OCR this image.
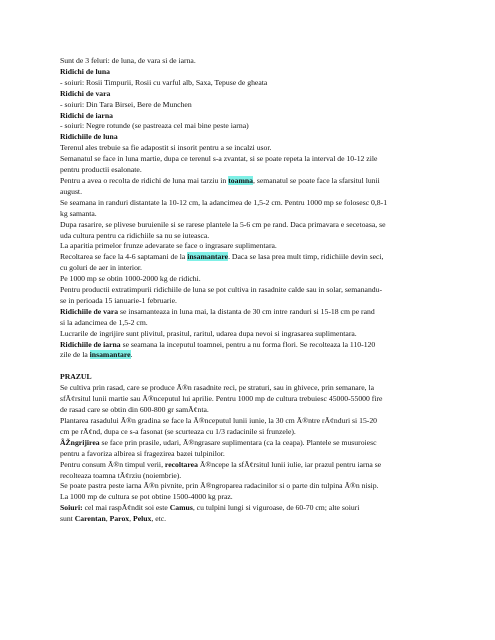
Sunt de 3 feluri: de luna, de vara si de iarna.

Ridichi de luna

- soiuri: Rosii Timpurii, Rosii cu varful alb, Saxa, Tepuse de gheata

Ridichi de vara

- soiuri: Din Tara Birsei, Bere de Munchen

Ridichi de iarna

- soiuri: Negre rotunde (se pastreaza cel mai bine peste iarna)

Ridichiile de luna

Terenul ales trebuie sa fie adapostit si insorit pentru a se incalzi usor.

Semanatul se face in luna martie, dupa ce terenul s-a zvantat, si se poate repeta la interval de 10-12 zile

pentru productii esalonate.

Pentru a avea o recolta de ridichi de luna mai tarziu in toamna, semanatul se poate face la sfarsitul lunii

august.

Se seamana in randuri distantate la 10-12 cm, la adancimea de 1,5-2 cm. Pentru 1000 mp se folosesc 0,8-1

kg samanta.

Dupa rasarire, se plivese buruienile si se rarese plantele la 5-6 cm pe rand. Daca primavara e secetoasa, se

uda cultura pentru ca ridichiile sa nu se iuteasca.

La aparitia primelor frunze adevarate se face o ingrasare suplimentara.

Recoltarea se face la 4-6 saptamani de la insamantare. Daca se lasa prea mult timp, ridichiile devin seci,

cu goluri de aer in interior.

Pe 1000 mp se obtin 1000-2000 kg de ridichi.

Pentru productii extratimpurii ridichiile de luna se pot cultiva in rasadnite calde sau in solar, semanandu-

se in perioada 15 ianuarie-1 februarie.

Ridichiile de vara se insamanteaza in luna mai, la distanta de 30 cm intre randuri si 15-18 cm pe rand

si la adancimea de 1,5-2 cm.

Lucrarile de ingrijire sunt plivitul, prasitul, raritul, udarea dupa nevoi si ingrasarea suplimentara.

Ridichiile de iarna se seamana la inceputul toamnei, pentru a nu forma flori. Se recolteaza la 110-120

zile de la insamantare.

PRAZUL

Se cultiva prin rasad, care se produce Ã®n rasadnite reci, pe straturi, sau in ghivece, prin semanare, la

sfÃ¢rsitul lunii martie sau Ã®nceputul lui aprilie. Pentru 1000 mp de cultura trebuiesc 45000-55000 fire

de rasad care se obtin din 600-800 gr samÃ¢nta.

Plantarea rasadului Ã®n gradina se face la Ã®nceputul lunii iunie, la 30 cm Ã®ntre rÃ¢nduri si 15-20

cm pe rÃ¢nd, dupa ce s-a fasonat (se scurteaza cu 1/3 radacinile si frunzele).

ÃŽngrijirea se face prin prasile, udari, Ã®ngrasare suplimentara (ca la ceapa). Plantele se musuroiesc

pentru a favoriza albirea si fragezirea bazei tulpinilor.

Pentru consum Ã®n timpul verii, recoltarea Ã®ncepe la sfÃ¢rsitul lunii iulie, iar prazul pentru iarna se

recolteaza toamna tÃ¢rziu (noiembrie).

Se poate pastra peste iarna Ã®n pivnite, prin Ã®ngroparea radacinilor si o parte din tulpina Ã®n nisip.

La 1000 mp de cultura se pot obtine 1500-4000 kg praz.

Soiuri: cel mai raspÃ¢ndit soi este Camus, cu tulpini lungi si viguroase, de 60-70 cm; alte soiuri

sunt Carentan, Parox, Pelux, etc.
